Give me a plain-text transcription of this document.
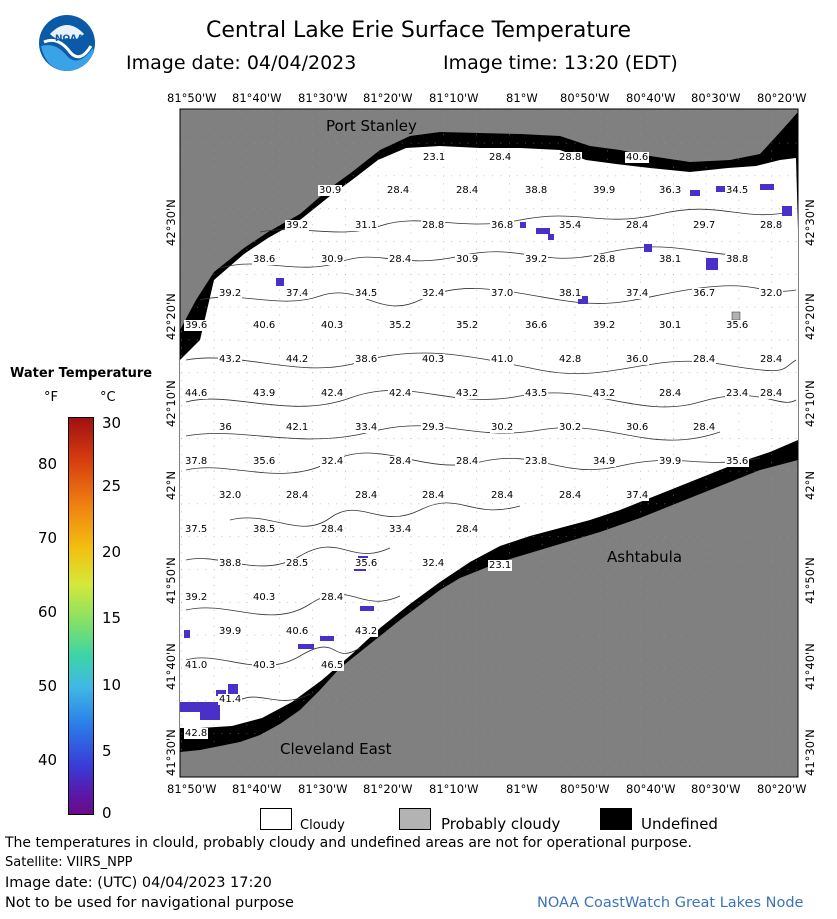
NOAA	Central Lake Erie Surface Temperature
Image date: 04/04/2023	Image time: 13:20 (EDT)
81°50'W 81°40'W 81°30'W 81°20'W 81°10'W 81°W 80°50'W 80°40'W 80°30'W 80°20'W
81°50'W 81°40'W 81°30'W 81°20'W 81°10'W 81°W 80°50'W 80°40'W 80°30'W 80°20'W
42°30'N
42°20'N
42°10'N
42°N
41°50'N
41°40'N
41°30'N
42°30'N
42°20'N
42°10'N
42°N
41°50'N
41°40'N
41°30'N
Port Stanley
Ashtabula
Cleveland East
23.1	28.4	28.8	40.6
30.9	28.4	28.4	38.8	39.9	36.3	34.5
39.2	31.1	28.8	36.8	35.4	28.4	29.7	28.8
38.6	30.9	28.4	30.9	39.2	28.8	38.1	38.8
39.2	37.4	34.5	32.4	37.0	38.1	37.4	36.7	32.0
39.6	40.6	40.3	35.2	35.2	36.6	39.2	30.1	35.6
43.2	44.2	38.6	40.3	41.0	42.8	36.0	28.4	28.4
44.6	43.9	42.4	42.4	43.2	43.5	43.2	28.4	23.4 28.4
36	42.1	33.4	29.3	30.2	30.2	30.6	28.4
37.8	35.6	32.4	28.4	28.4	23.8	34.9	39.9	35.6
32.0	28.4	28.4	28.4	28.4	28.4	37.4
37.5	38.5	28.4	33.4	28.4
38.8	28.5	35.6	32.4	23.1
39.2	40.3	28.4
39.9	40.6	43.2
41.0	40.3	46.5
41.4
42.8
Water Temperature
°F	°C
80
70
60
50
40
30
25
20
15
10
5
0
Cloudy	Probably cloudy	Undefined
The temperatures in clould, probably cloudy and undefined areas are not for operational purpose.
Satellite: VIIRS_NPP
Image date: (UTC) 04/04/2023 17:20
Not to be used for navigational purpose	NOAA CoastWatch Great Lakes Node
